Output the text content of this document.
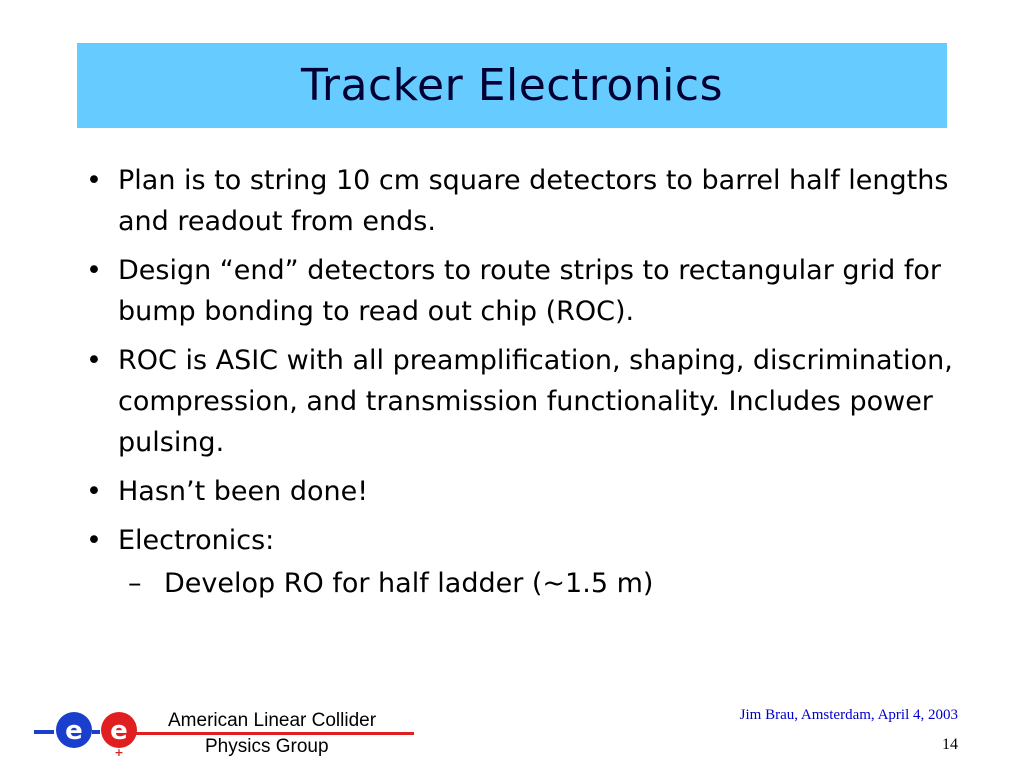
Tracker Electronics
• Plan is to string 10 cm square detectors to barrel half lengths and readout from ends.
• Design “end” detectors to route strips to rectangular grid for bump bonding to read out chip (ROC).
• ROC is ASIC with all preamplification, shaping, discrimination, compression, and transmission functionality. Includes power pulsing.
• Hasn’t been done!
• Electronics:
– Develop RO for half ladder (~1.5 m)
e
-
e
+
American Linear Collider
Physics Group
Jim Brau, Amsterdam, April 4, 2003
14
